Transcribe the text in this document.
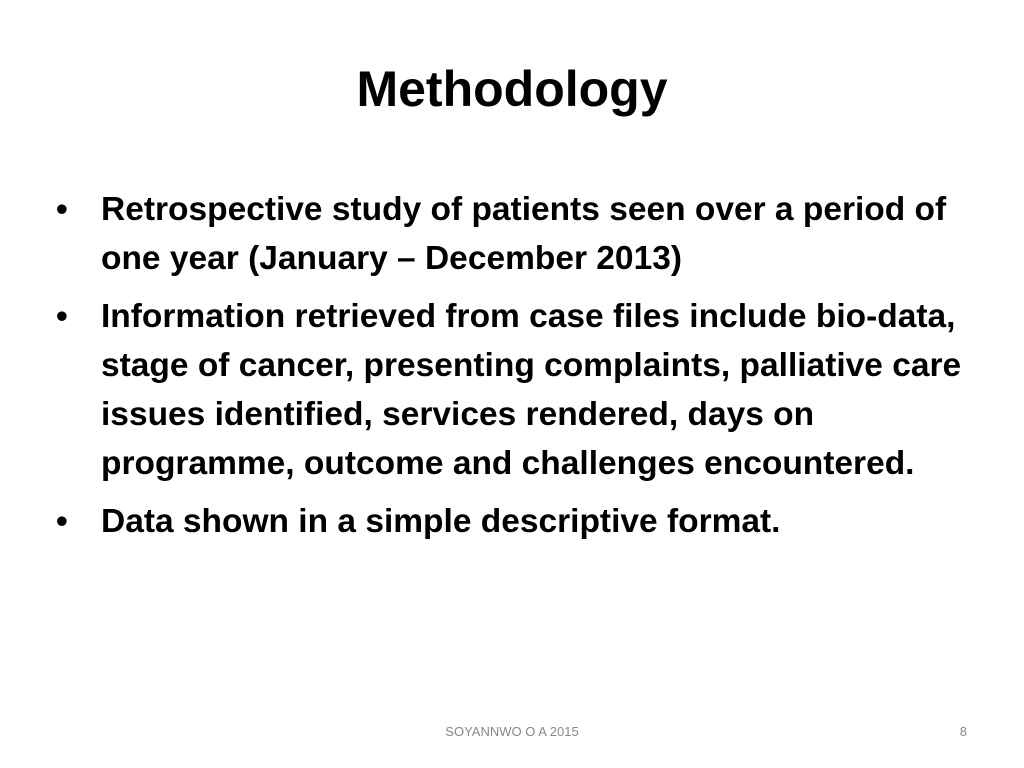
Methodology
• Retrospective study of patients seen over a period of one year (January – December 2013)
• Information retrieved from case files include bio-data, stage of cancer, presenting complaints, palliative care issues identified, services rendered, days on programme, outcome and challenges encountered.
• Data shown in a simple descriptive format.
SOYANNWO O A 2015	8
